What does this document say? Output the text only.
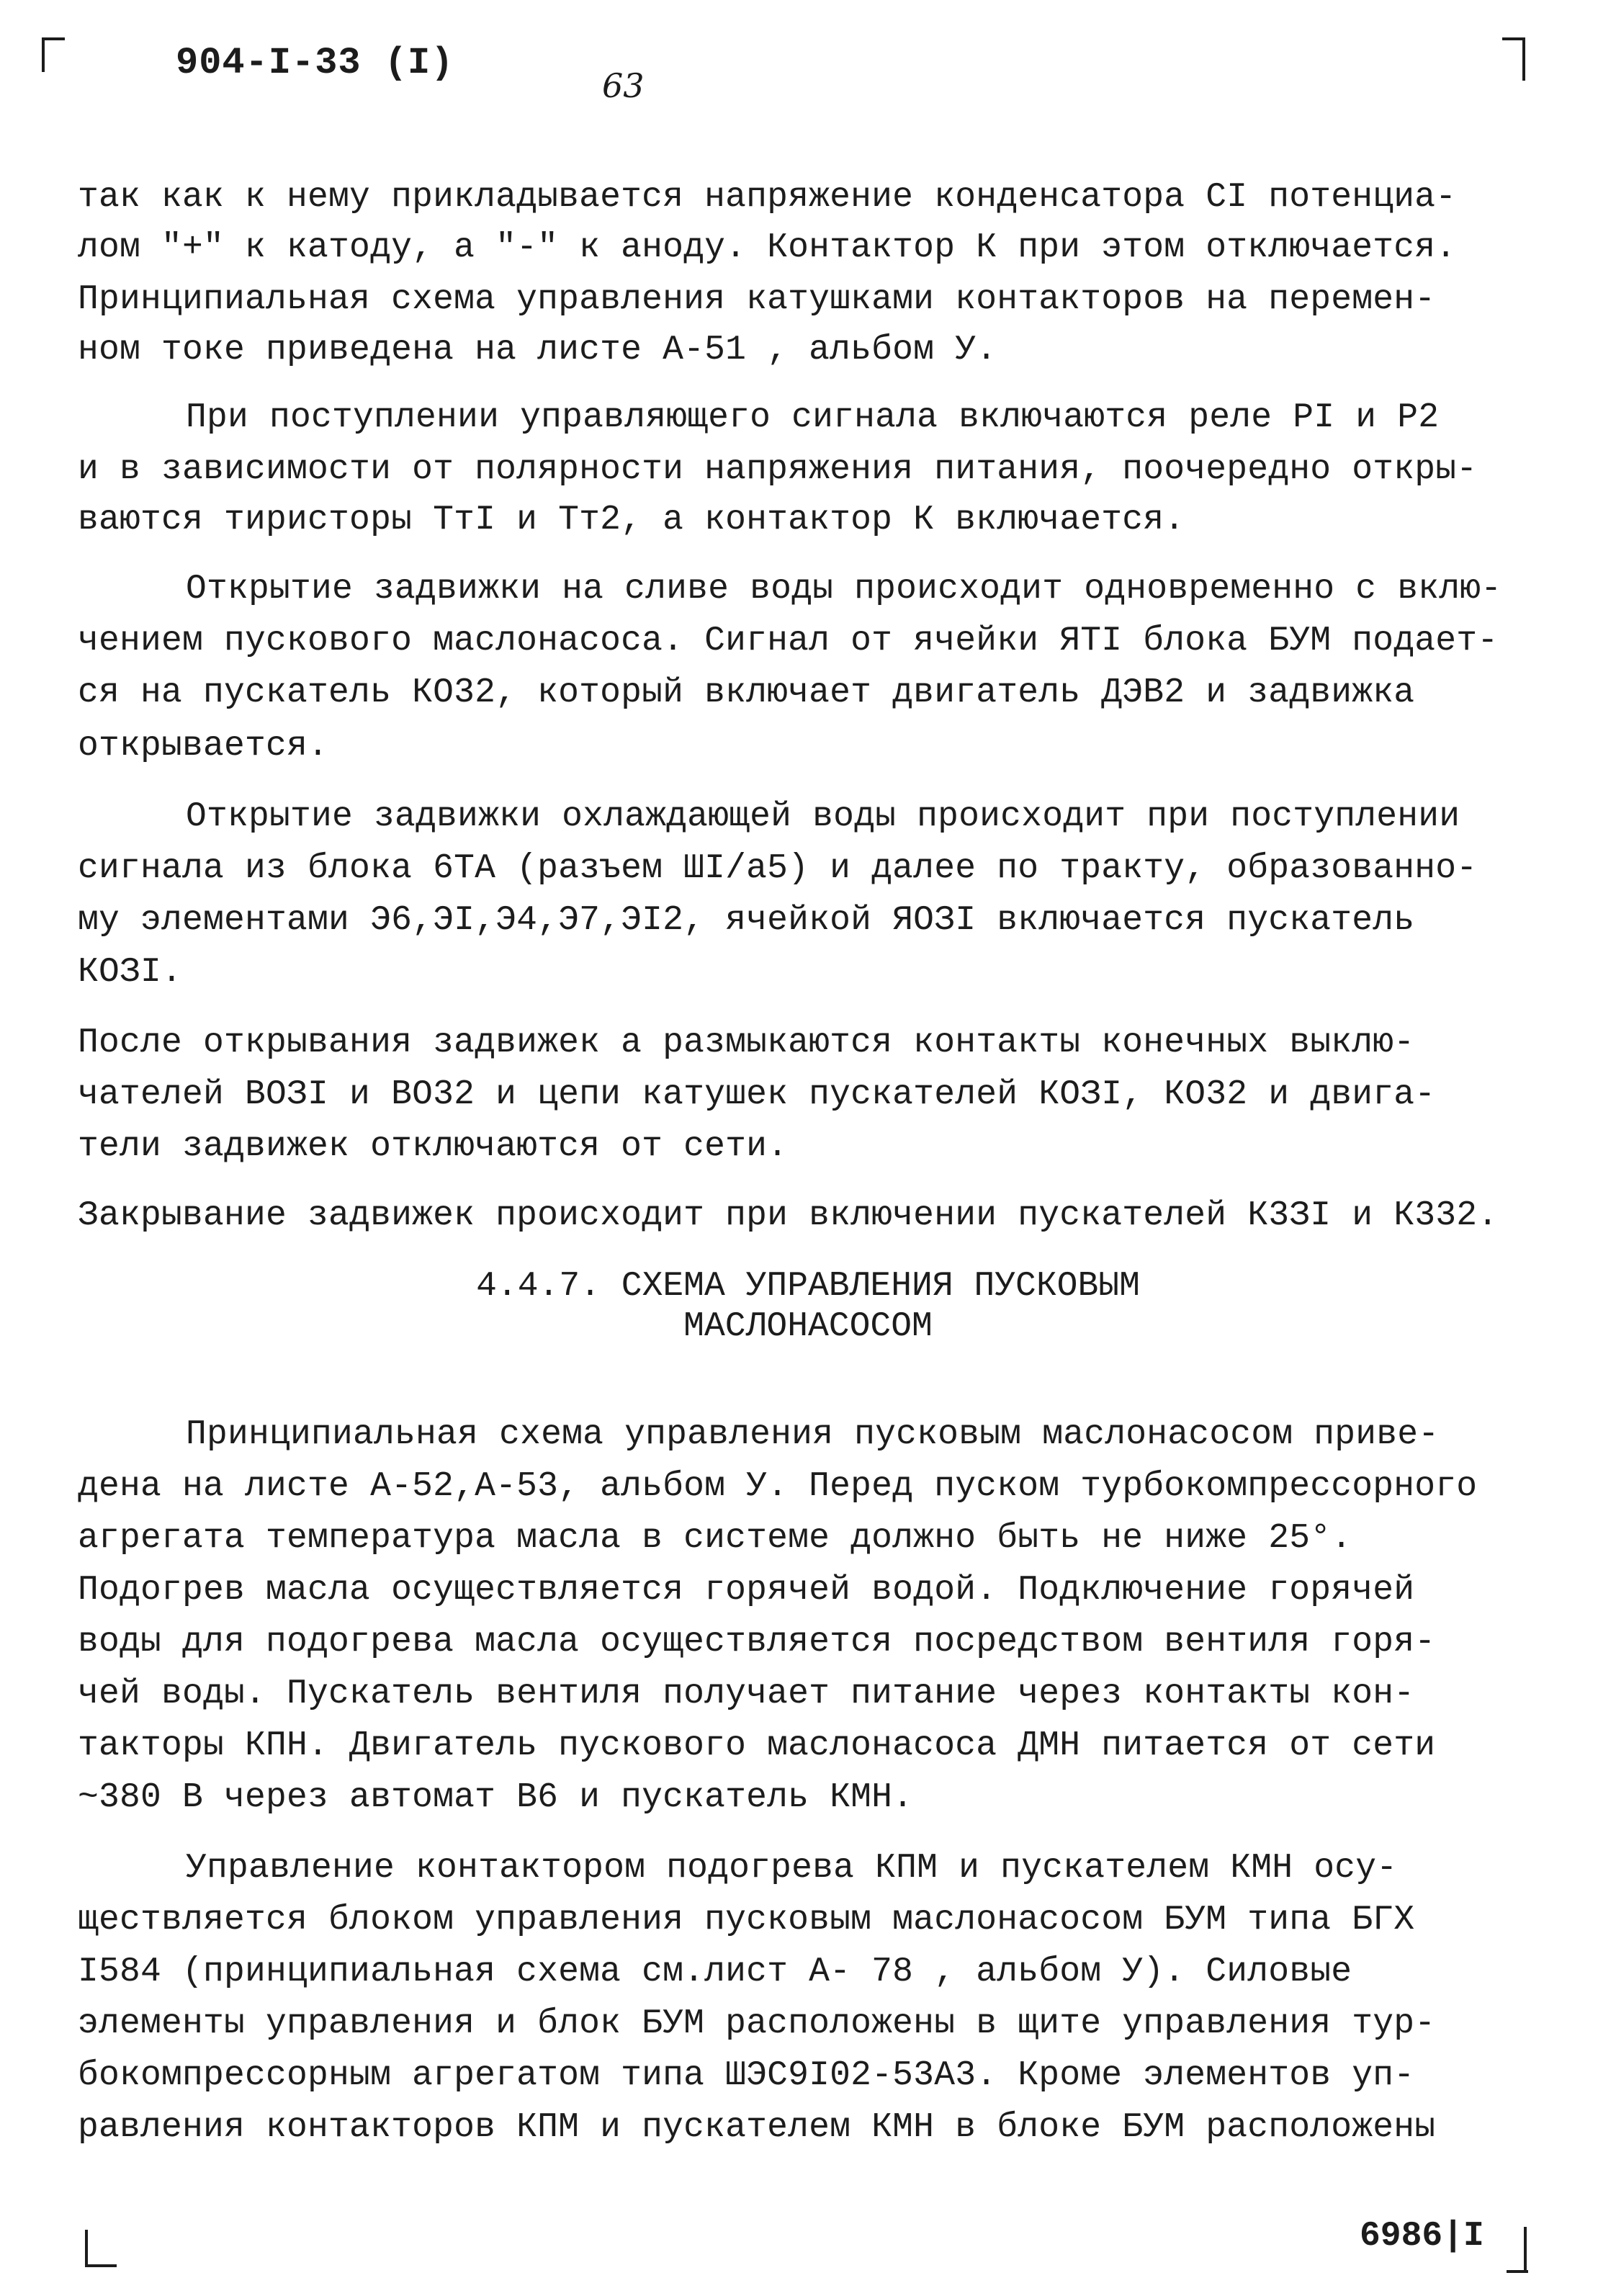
904-I-33 (I)
63
так как к нему прикладывается напряжение конденсатора CI потенциа-
лом "+" к катоду, а "-" к аноду. Контактор К при этом отключается.
Принципиальная схема управления катушками контакторов на перемен-
ном токе приведена на листе А-51 , альбом У.
При поступлении управляющего сигнала включаются реле PI и P2
и в зависимости от полярности напряжения питания, поочередно откры-
ваются тиристоры ТтI и Тт2, а контактор К включается.
Открытие задвижки на сливе воды происходит одновременно с вклю-
чением пускового маслонасоса. Сигнал от ячейки ЯТI блока БУМ подает-
ся на пускатель КО32, который включает двигатель ДЭВ2 и задвижка
открывается.
Открытие задвижки охлаждающей воды происходит при поступлении
сигнала из блока 6ТА (разъем ШI/а5) и далее по тракту, образованно-
му элементами Э6,ЭI,Э4,Э7,ЭI2, ячейкой ЯОЗI включается пускатель
КОЗI.
После открывания задвижек а размыкаются контакты конечных выклю-
чателей ВОЗI и ВО32 и цепи катушек пускателей КОЗI, КО32 и двига-
тели задвижек отключаются от сети.
Закрывание задвижек происходит при включении пускателей К3ЗI и К332.
4.4.7. СХЕМА УПРАВЛЕНИЯ ПУСКОВЫМ
МАСЛОНАСОСОМ
Принципиальная схема управления пусковым маслонасосом приве-
дена на листе А-52,А-53, альбом У. Перед пуском турбокомпрессорного
агрегата температура масла в системе должно быть не ниже 25°.
Подогрев масла осуществляется горячей водой. Подключение горячей
воды для подогрева масла осуществляется посредством вентиля горя-
чей воды. Пускатель вентиля получает питание через контакты кон-
такторы КПН. Двигатель пускового маслонасоса ДМН питается от сети
~380 В через автомат В6 и пускатель КМН.
Управление контактором подогрева КПМ и пускателем КМН осу-
ществляется блоком управления пусковым маслонасосом БУМ типа БГХ
I584 (принципиальная схема см.лист А- 78 , альбом У). Силовые
элементы управления и блок БУМ расположены в щите управления тур-
бокомпрессорным агрегатом типа ШЭС9I02-53А3. Кроме элементов уп-
равления контакторов КПМ и пускателем КМН в блоке БУМ расположены
6986|I
